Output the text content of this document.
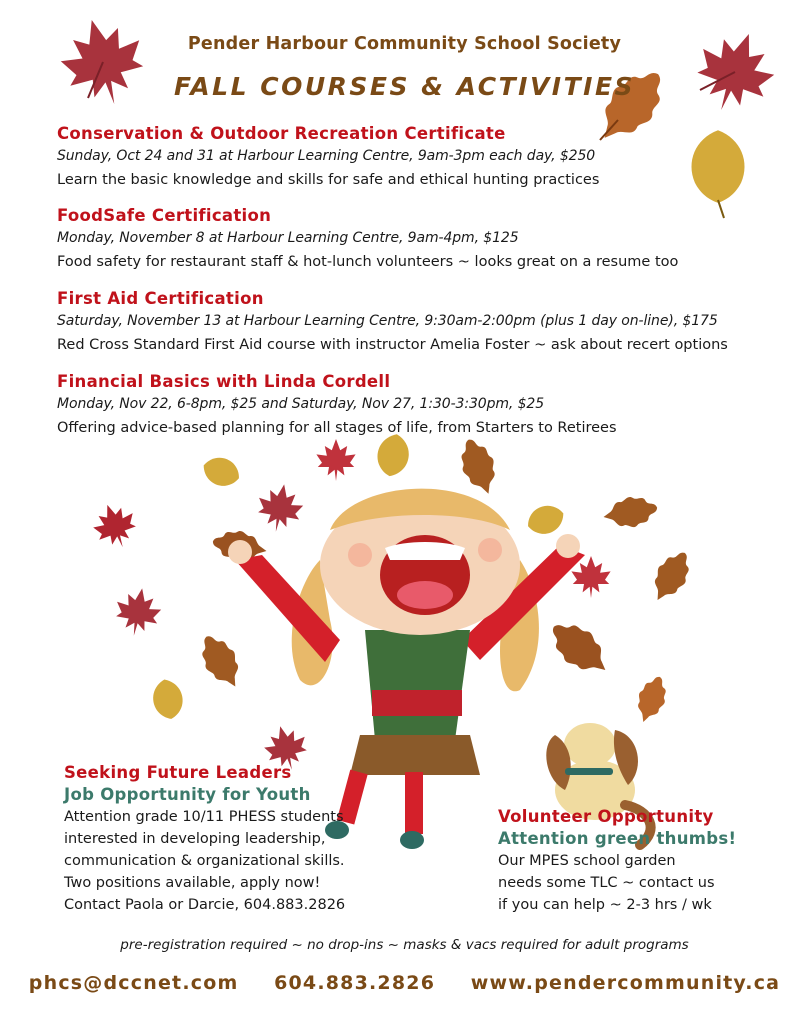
Pender Harbour Community School Society
FALL COURSES & ACTIVITIES
Conservation & Outdoor Recreation Certificate
Sunday, Oct 24 and 31 at Harbour Learning Centre, 9am-3pm each day, $250
Learn the basic knowledge and skills for safe and ethical hunting practices
FoodSafe Certification
Monday, November 8 at Harbour Learning Centre, 9am-4pm, $125
Food safety for restaurant staff & hot-lunch volunteers ~ looks great on a resume too
First Aid Certification
Saturday, November 13 at Harbour Learning Centre, 9:30am-2:00pm (plus 1 day on-line), $175
Red Cross Standard First Aid course with instructor Amelia Foster ~ ask about recert options
Financial Basics with Linda Cordell
Monday, Nov 22, 6-8pm, $25 and Saturday, Nov 27, 1:30-3:30pm, $25
Offering advice-based planning for all stages of life, from Starters to Retirees
Seeking Future Leaders
Job Opportunity for Youth
Attention grade 10/11 PHESS students
interested in developing leadership,
communication & organizational skills.
Two positions available, apply now!
Contact Paola or Darcie, 604.883.2826
Volunteer Opportunity
Attention green thumbs!
Our MPES school garden
needs some TLC ~ contact us
if you can help ~ 2-3 hrs / wk
pre-registration required ~ no drop-ins ~ masks & vacs required for adult programs
phcs@dccnet.com  604.883.2826  www.pendercommunity.ca
